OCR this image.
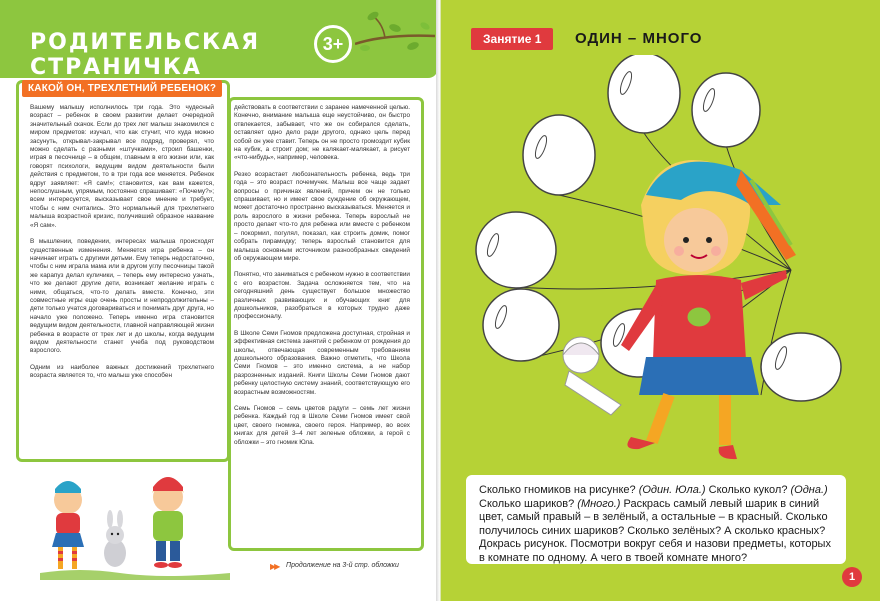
РОДИТЕЛЬСКАЯ СТРАНИЧКА
3+
КАКОЙ ОН, ТРЕХЛЕТНИЙ РЕБЕНОК?

Вашему малышу исполнилось три года. Это чудесный возраст – ребенок в своем развитии делает очередной значительный скачок. Если до трех лет малыш знакомился с миром предметов: изучал, что как стучит, что куда можно засунуть, открывал-закрывал все подряд, проверял, что можно сделать с разными «штучками», строил башенки, играя в песочнице – в общем, главным в его жизни или, как говорят психологи, ведущим видом деятельности были действия с предметом, то в три года все меняется. Ребенок вдруг заявляет: «Я сам!»; становится, как вам кажется, непослушным, упрямым, постоянно спрашивает: «Почему?»; всем интересуется, высказывает свое мнение и требует, чтобы с ним считались. Это нормальный для трехлетнего малыша возрастной кризис, получивший образное название «Я сам».

В мышлении, поведении, интересах малыша происходят существенные изменения. Меняется игра ребенка – он начинает играть с другими детьми. Ему теперь недостаточно, чтобы с ним играла мама или в другом углу песочницы такой же карапуз делал куличики, – теперь ему интересно узнать, что же делают другие дети, возникает желание играть с ними, общаться, что-то делать вместе. Конечно, эти совместные игры еще очень просты и непродолжительны – дети только учатся договариваться и понимать друг друга, но начало уже положено. Теперь именно игра становится ведущим видом деятельности, главной направляющей жизни ребенка в возрасте от трех лет и до школы, когда ведущим видом деятельности станет учеба под руководством взрослого.

Одним из наиболее важных достижений трехлетнего возраста является то, что малыш уже способен

действовать в соответствии с заранее намеченной целью. Конечно, внимание малыша еще неустойчиво, он быстро отвлекается, забывает, что же он собирался сделать, оставляет одно дело ради другого, однако цель перед собой он уже ставит. Теперь он не просто громоздит кубик на кубик, а строит дом; не калякает-малякает, а рисует «что-нибудь», например, человека.

Резко возрастает любознательность ребенка, ведь три года – это возраст почемучек. Малыш все чаще задает вопросы о причинах явлений, причем он не только спрашивает, но и имеет свое суждение об окружающем, может достаточно пространно высказываться. Меняется и роль взрослого в жизни ребенка. Теперь взрослый не просто делает что-то для ребенка или вместе с ребенком – покормил, погулял, показал, как строить домик, помог собрать пирамидку; теперь взрослый становится для малыша основным источником разнообразных сведений об окружающем мире.

Понятно, что заниматься с ребенком нужно в соответствии с его возрастом. Задача осложняется тем, что на сегодняшний день существует большое множество различных развивающих и обучающих книг для дошкольников, разобраться в которых трудно даже профессионалу.

В Школе Семи Гномов предложена доступная, стройная и эффективная система занятий с ребенком от рождения до школы, отвечающая современным требованиям дошкольного образования. Важно отметить, что Школа Семи Гномов – это именно система, а не набор разрозненных изданий. Книги Школы Семи Гномов дают ребенку целостную систему знаний, соответствующую его возрастным возможностям.

Семь Гномов – семь цветов радуги – семь лет жизни ребенка. Каждый год в Школе Семи Гномов имеет свой цвет, своего гномика, своего героя. Например, во всех книгах для детей 3–4 лет зеленые обложки, а герой с обложки – это гномик Юла.

▶▶ Продолжение на 3-й стр. обложки
Занятие 1	ОДИН – МНОГО
Сколько гномиков на рисунке? (Один. Юла.) Сколько кукол? (Одна.) Сколько шариков? (Много.) Раскрась самый левый шарик в синий цвет, самый правый – в зелёный, а остальные – в красный. Сколько получилось синих шариков? Сколько зелёных? А сколько красных? Докрась рисунок. Посмотри вокруг себя и назови предметы, которых в комнате по одному. А чего в твоей комнате много?
1
